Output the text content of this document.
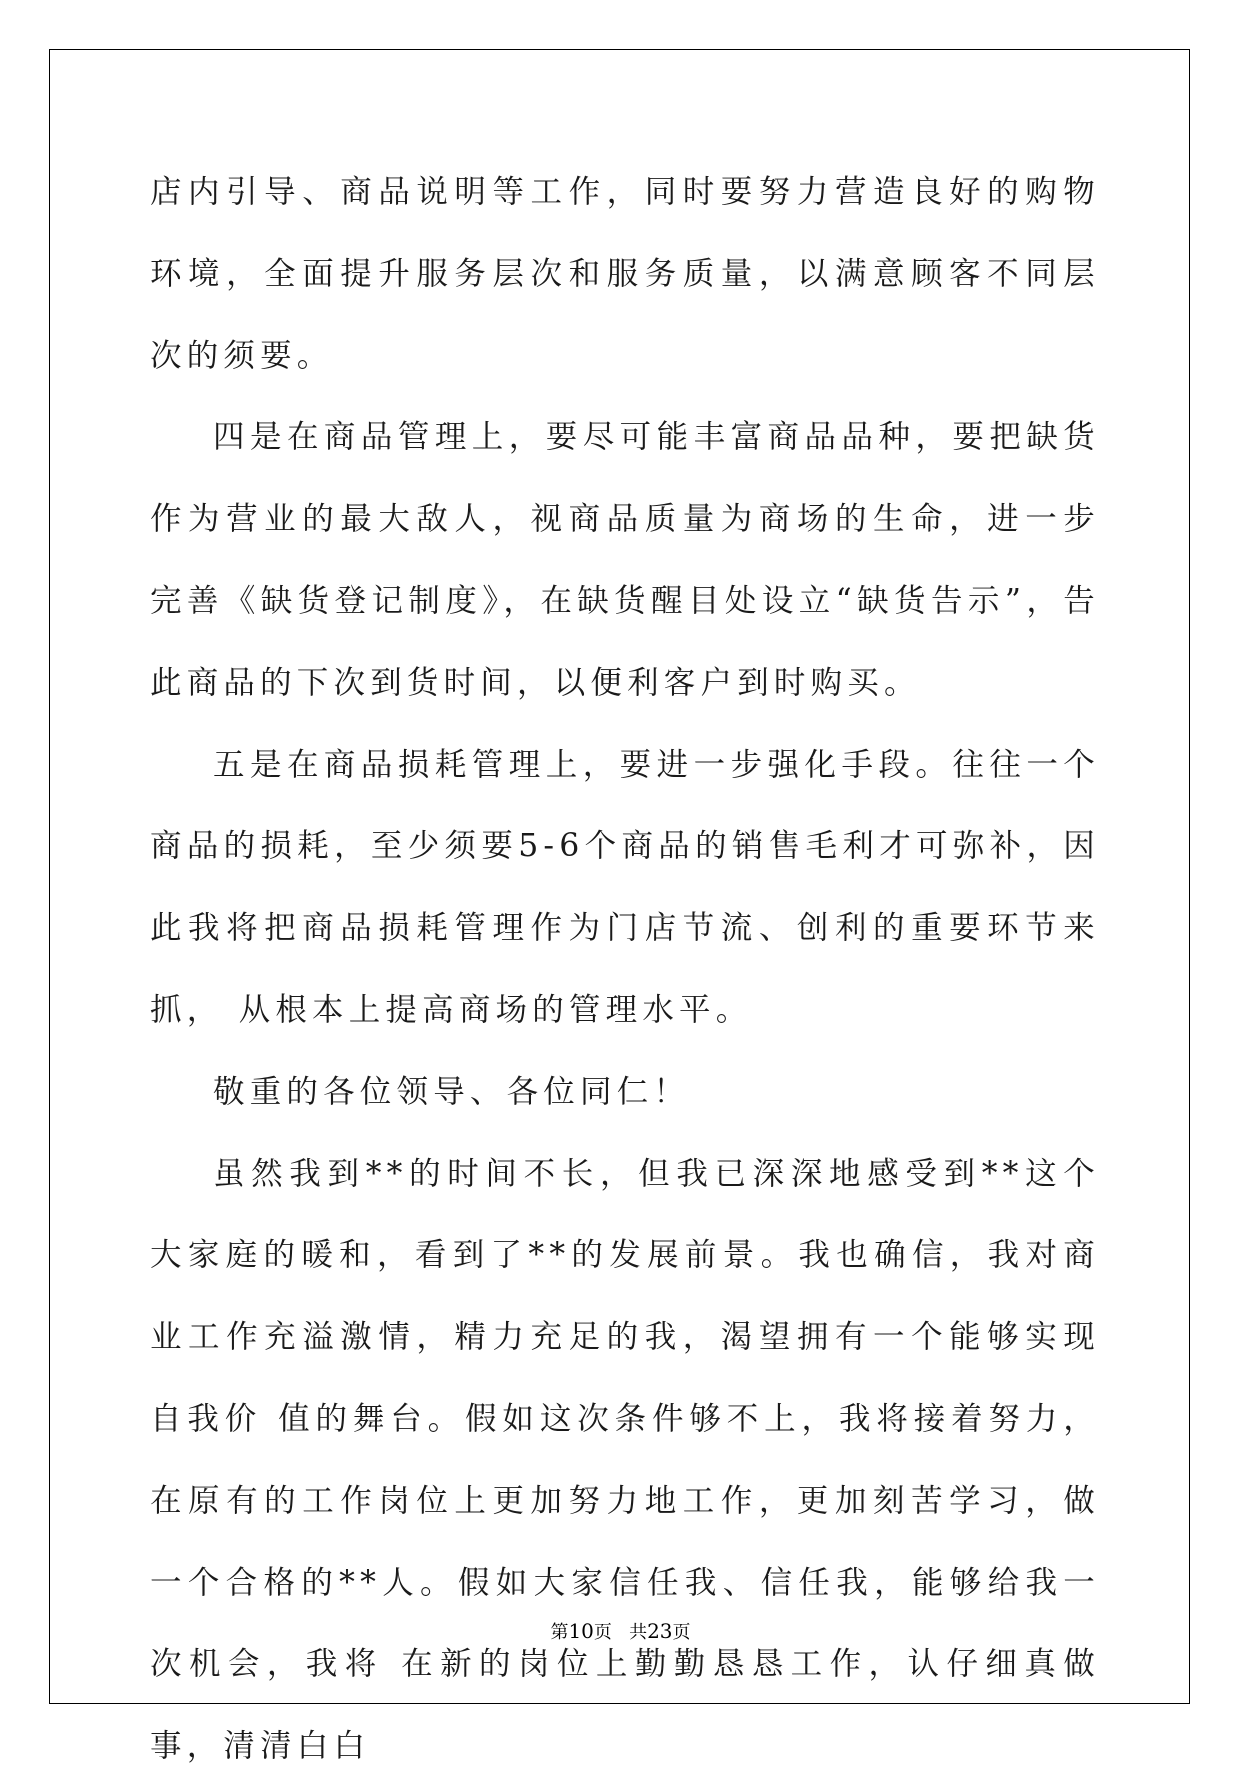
店内引导、商品说明等工作，同时要努力营造良好的购物环境，全面提升服务层次和服务质量，以满意顾客不同层次的须要。

四是在商品管理上，要尽可能丰富商品品种，要把缺货作为营业的最大敌人，视商品质量为商场的生命，进一步完善《缺货登记制度》，在缺货醒目处设立“缺货告示”，告 此商品的下次到货时间，以便利客户到时购买。

五是在商品损耗管理上，要进一步强化手段。往往一个商品的损耗，至少须要5-6个商品的销售毛利才可弥补，因此我将把商品损耗管理作为门店节流、创利的重要环节来抓， 从根本上提高商场的管理水平。

敬重的各位领导、各位同仁！

虽然我到**的时间不长，但我已深深地感受到**这个大家庭的暖和，看到了**的发展前景。我也确信，我对商业工作充溢激情，精力充足的我，渴望拥有一个能够实现自我价 值的舞台。假如这次条件够不上，我将接着努力，在原有的工作岗位上更加努力地工作，更加刻苦学习，做一个合格的**人。假如大家信任我、信任我，能够给我一次机会，我将 在新的岗位上勤勤恳恳工作，认仔细真做事，清清白白

第10页 共23页
